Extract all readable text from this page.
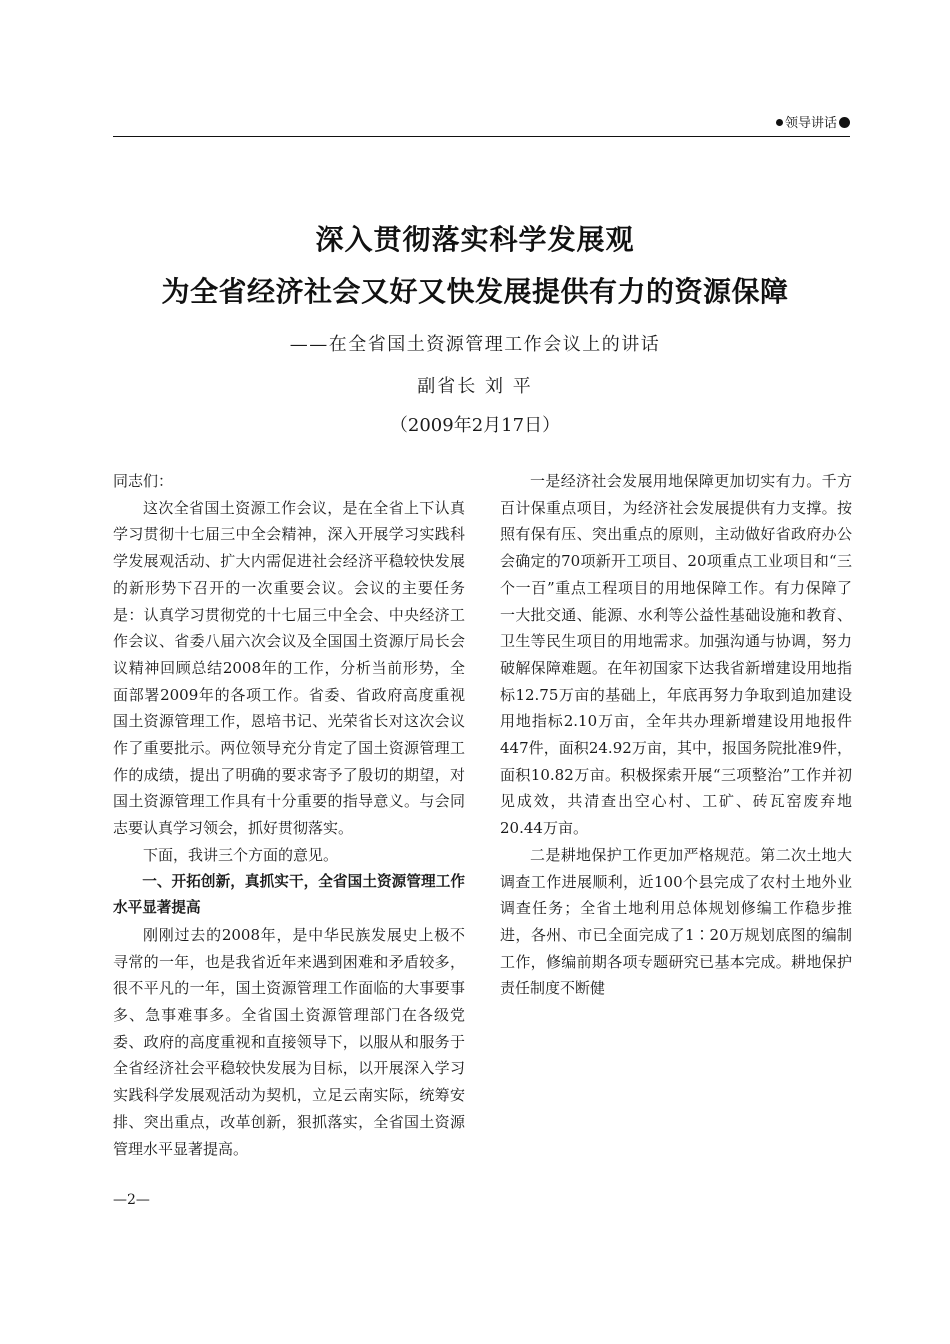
领导讲话
深入贯彻落实科学发展观
为全省经济社会又好又快发展提供有力的资源保障
——在全省国土资源管理工作会议上的讲话
副省长 刘 平
（2009年2月17日）

同志们：

这次全省国土资源工作会议，是在全省上下认真学习贯彻十七届三中全会精神，深入开展学习实践科学发展观活动、扩大内需促进社会经济平稳较快发展的新形势下召开的一次重要会议。会议的主要任务是：认真学习贯彻党的十七届三中全会、中央经济工作会议、省委八届六次会议及全国国土资源厅局长会议精神回顾总结2008年的工作，分析当前形势，全面部署2009年的各项工作。省委、省政府高度重视国土资源管理工作，恩培书记、光荣省长对这次会议作了重要批示。两位领导充分肯定了国土资源管理工作的成绩，提出了明确的要求寄予了殷切的期望，对国土资源管理工作具有十分重要的指导意义。与会同志要认真学习领会，抓好贯彻落实。

下面，我讲三个方面的意见。

一、开拓创新，真抓实干，全省国土资源管理工作水平显著提高

刚刚过去的2008年，是中华民族发展史上极不寻常的一年，也是我省近年来遇到困难和矛盾较多，很不平凡的一年，国土资源管理工作面临的大事要事多、急事难事多。全省国土资源管理部门在各级党委、政府的高度重视和直接领导下，以服从和服务于全省经济社会平稳较快发展为目标，以开展深入学习实践科学发展观活动为契机，立足云南实际，统筹安排、突出重点，改革创新，狠抓落实，全省国土资源管理水平显著提高。

一是经济社会发展用地保障更加切实有力。千方百计保重点项目，为经济社会发展提供有力支撑。按照有保有压、突出重点的原则，主动做好省政府办公会确定的70项新开工项目、20项重点工业项目和“三个一百”重点工程项目的用地保障工作。有力保障了一大批交通、能源、水利等公益性基础设施和教育、卫生等民生项目的用地需求。加强沟通与协调，努力破解保障难题。在年初国家下达我省新增建设用地指标12.75万亩的基础上，年底再努力争取到追加建设用地指标2.10万亩，全年共办理新增建设用地报件447件，面积24.92万亩，其中，报国务院批准9件，面积10.82万亩。积极探索开展“三项整治”工作并初见成效，共清查出空心村、工矿、砖瓦窑废弃地20.44万亩。

二是耕地保护工作更加严格规范。第二次土地大调查工作进展顺利，近100个县完成了农村土地外业调查任务；全省土地利用总体规划修编工作稳步推进，各州、市已全面完成了1∶20万规划底图的编制工作，修编前期各项专题研究已基本完成。耕地保护责任制度不断健

—2—
